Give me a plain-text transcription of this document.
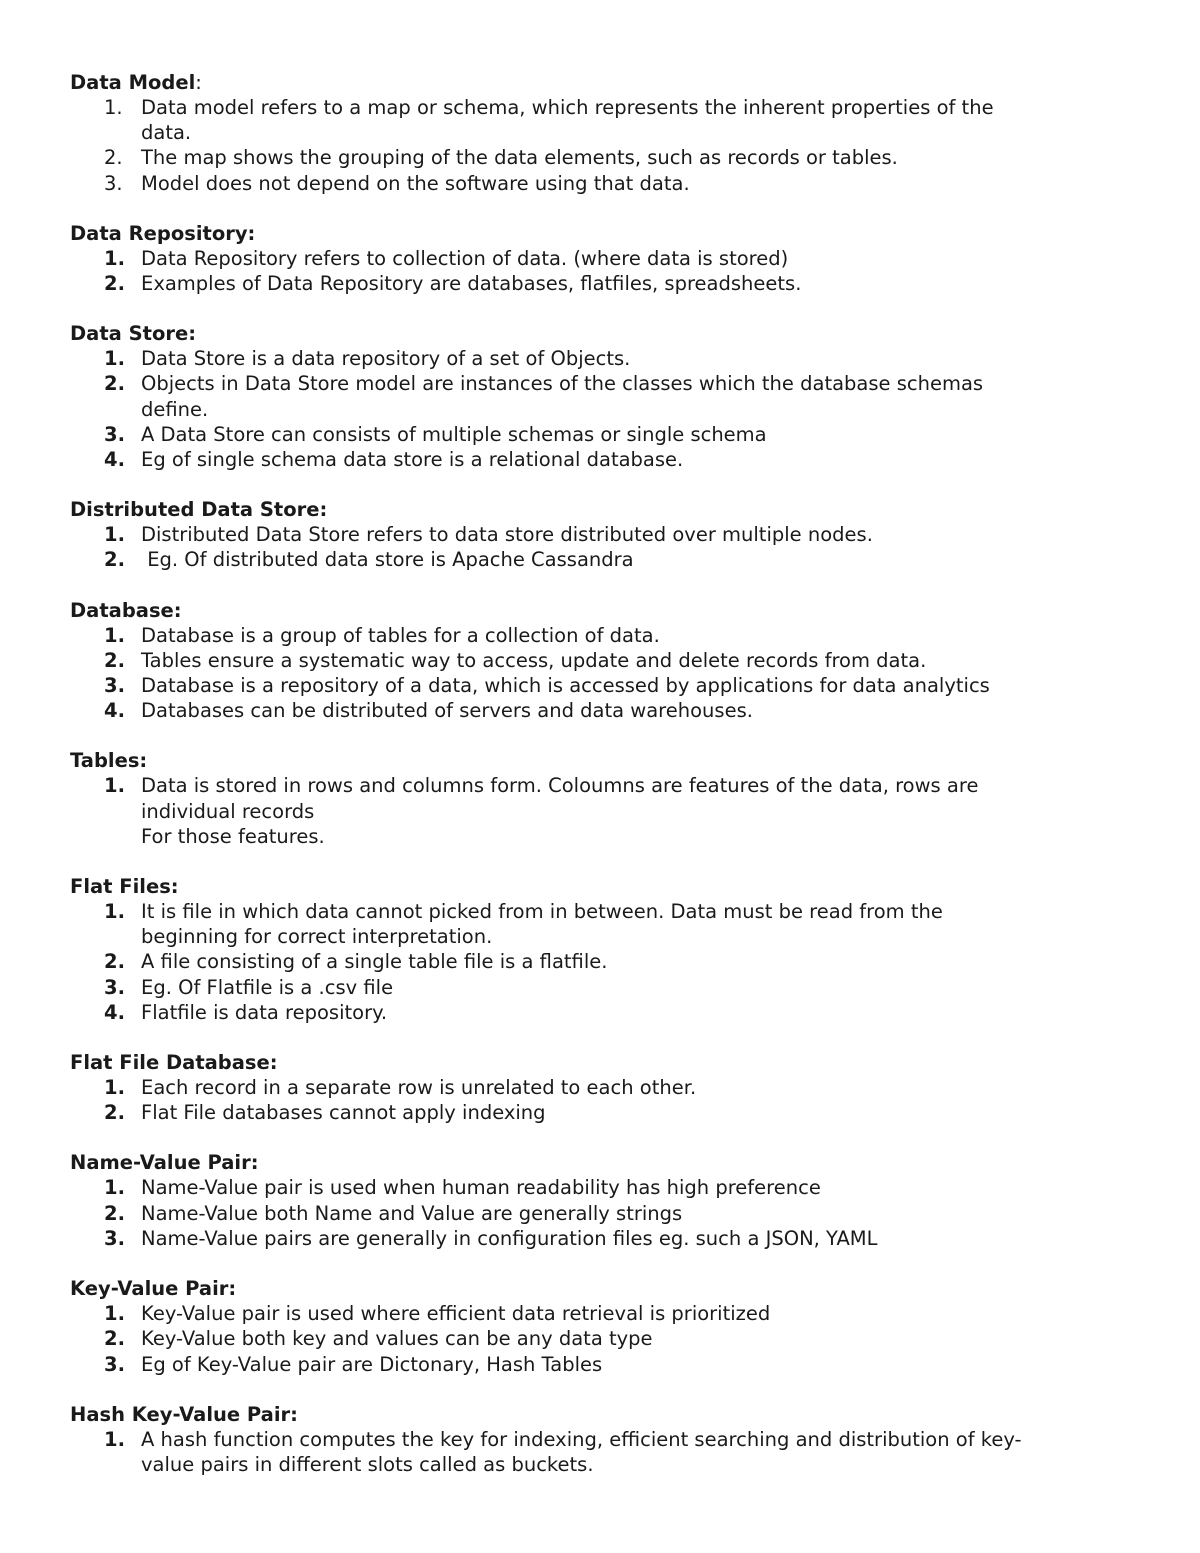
Data Model:
1. Data model refers to a map or schema, which represents the inherent properties of the
data.
2. The map shows the grouping of the data elements, such as records or tables.
3. Model does not depend on the software using that data.
Data Repository:
1. Data Repository refers to collection of data. (where data is stored)
2. Examples of Data Repository are databases, flatfiles, spreadsheets.
Data Store:
1. Data Store is a data repository of a set of Objects.
2. Objects in Data Store model are instances of the classes which the database schemas
define.
3. A Data Store can consists of multiple schemas or single schema
4. Eg of single schema data store is a relational database.
Distributed Data Store:
1. Distributed Data Store refers to data store distributed over multiple nodes.
2. Eg. Of distributed data store is Apache Cassandra
Database:
1. Database is a group of tables for a collection of data.
2. Tables ensure a systematic way to access, update and delete records from data.
3. Database is a repository of a data, which is accessed by applications for data analytics
4. Databases can be distributed of servers and data warehouses.
Tables:
1. Data is stored in rows and columns form. Coloumns are features of the data, rows are
individual records
For those features.
Flat Files:
1. It is file in which data cannot picked from in between. Data must be read from the
beginning for correct interpretation.
2. A file consisting of a single table file is a flatfile.
3. Eg. Of Flatfile is a .csv file
4. Flatfile is data repository.
Flat File Database:
1. Each record in a separate row is unrelated to each other.
2. Flat File databases cannot apply indexing
Name-Value Pair:
1. Name-Value pair is used when human readability has high preference
2. Name-Value both Name and Value are generally strings
3. Name-Value pairs are generally in configuration files eg. such a JSON, YAML
Key-Value Pair:
1. Key-Value pair is used where efficient data retrieval is prioritized
2. Key-Value both key and values can be any data type
3. Eg of Key-Value pair are Dictonary, Hash Tables
Hash Key-Value Pair:
1. A hash function computes the key for indexing, efficient searching and distribution of key-
value pairs in different slots called as buckets.
